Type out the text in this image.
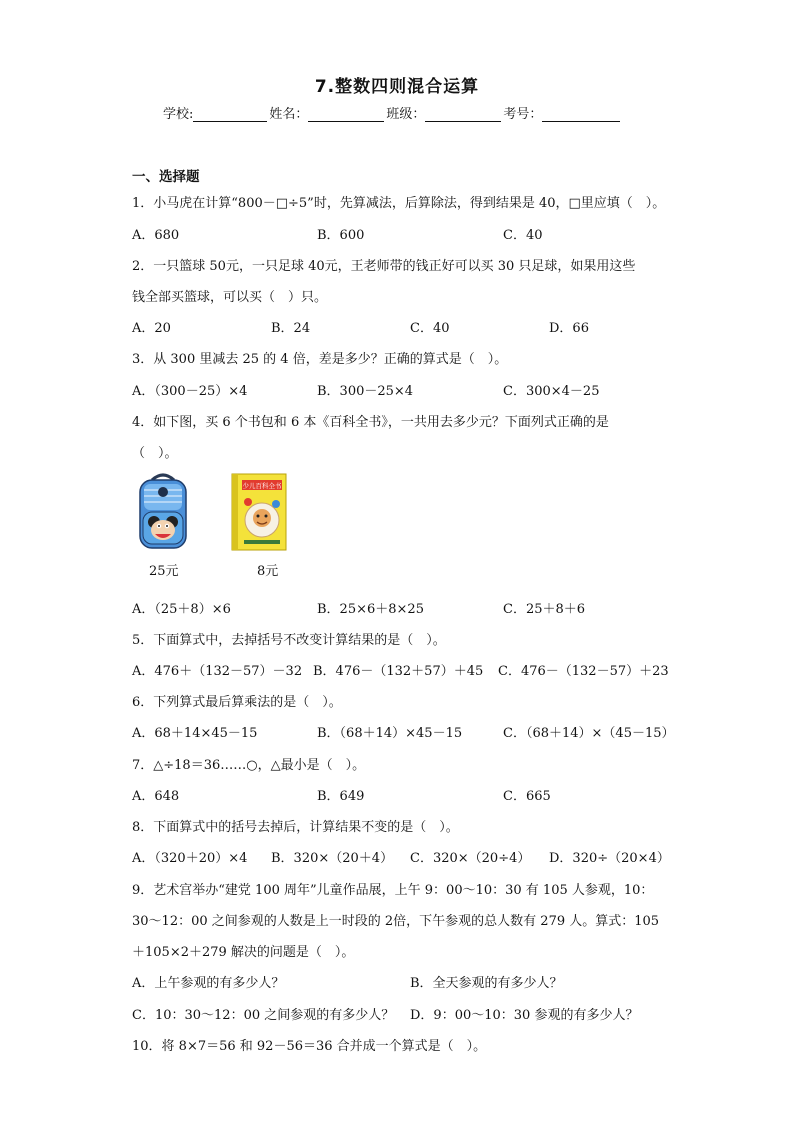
7.整数四则混合运算
学校:	姓名：	班级：	考号：
一、选择题
1．小马虎在计算“800－□÷5”时，先算减法，后算除法，得到结果是 40，□里应填（　）。
A．680	B．600	C．40
2．一只篮球 50元，一只足球 40元，王老师带的钱正好可以买 30 只足球，如果用这些
钱全部买篮球，可以买（　）只。
A．20	B．24	C．40	D．66
3．从 300 里减去 25 的 4 倍，差是多少？正确的算式是（　）。
A．（300－25）×4	B．300－25×4	C．300×4－25
4．如下图，买 6 个书包和 6 本《百科全书》，一共用去多少元？下面列式正确的是
（　）。
25元
少儿百科全书
8元
A．（25＋8）×6	B．25×6＋8×25	C．25＋8＋6
5．下面算式中，去掉括号不改变计算结果的是（　）。
A．476＋（132－57）－32 B．476－（132＋57）＋45 C．476－（132－57）＋23
6．下列算式最后算乘法的是（　）。
A．68＋14×45－15	B．（68＋14）×45－15	C．（68＋14）×（45－15）
7．△÷18＝36……○，△最小是（　）。
A．648	B．649	C．665
8．下面算式中的括号去掉后，计算结果不变的是（　）。
A．（320＋20）×4 B．320×（20＋4） C．320×（20÷4） D．320÷（20×4）
9．艺术宫举办“建党 100 周年”儿童作品展，上午 9：00～10：30 有 105 人参观，10：
30～12：00 之间参观的人数是上一时段的 2倍，下午参观的总人数有 279 人。算式：105
＋105×2＋279 解决的问题是（　）。
A．上午参观的有多少人？	B．全天参观的有多少人？
C．10：30～12：00 之间参观的有多少人？ D．9：00～10：30 参观的有多少人？
10．将 8×7＝56 和 92－56＝36 合并成一个算式是（　）。
